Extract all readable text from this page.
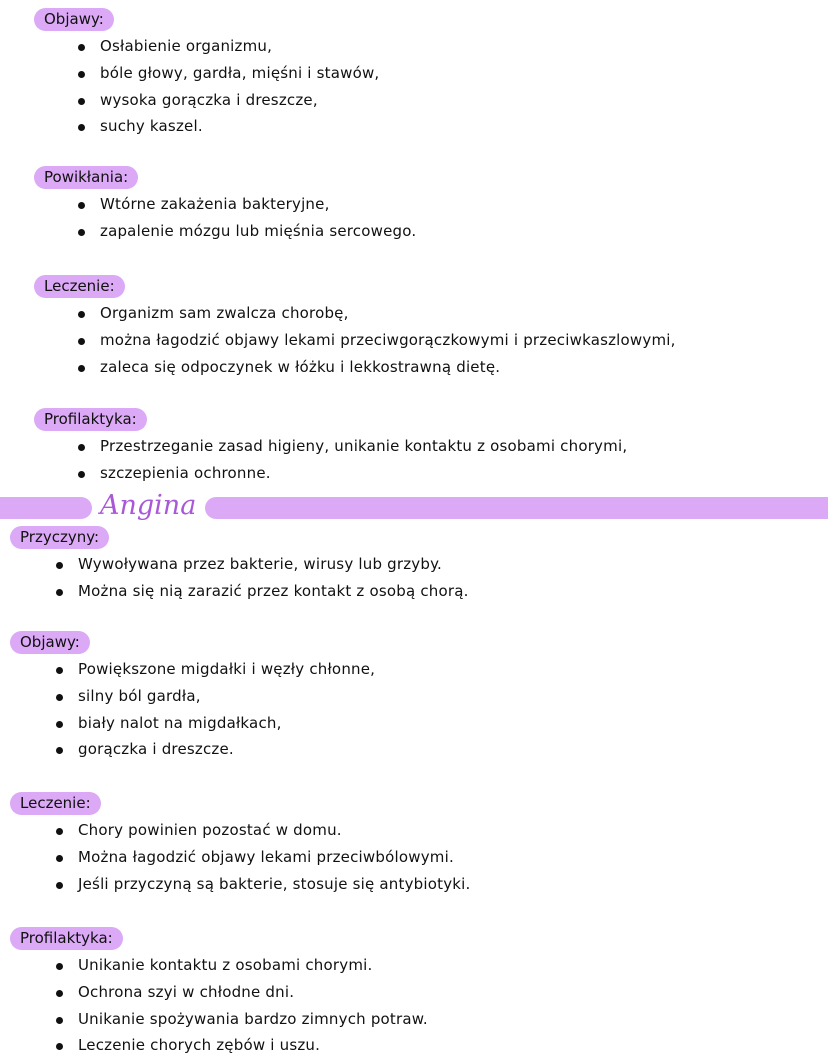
Objawy:
Osłabienie organizmu,
bóle głowy, gardła, mięśni i stawów,
wysoka gorączka i dreszcze,
suchy kaszel.
Powikłania:
Wtórne zakażenia bakteryjne,
zapalenie mózgu lub mięśnia sercowego.
Leczenie:
Organizm sam zwalcza chorobę,
można łagodzić objawy lekami przeciwgorączkowymi i przeciwkaszlowymi,
zaleca się odpoczynek w łóżku i lekkostrawną dietę.
Profilaktyka:
Przestrzeganie zasad higieny, unikanie kontaktu z osobami chorymi,
szczepienia ochronne.
Przyczyny:
Wywoływana przez bakterie, wirusy lub grzyby.
Można się nią zarazić przez kontakt z osobą chorą.
Objawy:
Powiększone migdałki i węzły chłonne,
silny ból gardła,
biały nalot na migdałkach,
gorączka i dreszcze.
Leczenie:
Chory powinien pozostać w domu.
Można łagodzić objawy lekami przeciwbólowymi.
Jeśli przyczyną są bakterie, stosuje się antybiotyki.
Profilaktyka:
Unikanie kontaktu z osobami chorymi.
Ochrona szyi w chłodne dni.
Unikanie spożywania bardzo zimnych potraw.
Leczenie chorych zębów i uszu.
Angina
